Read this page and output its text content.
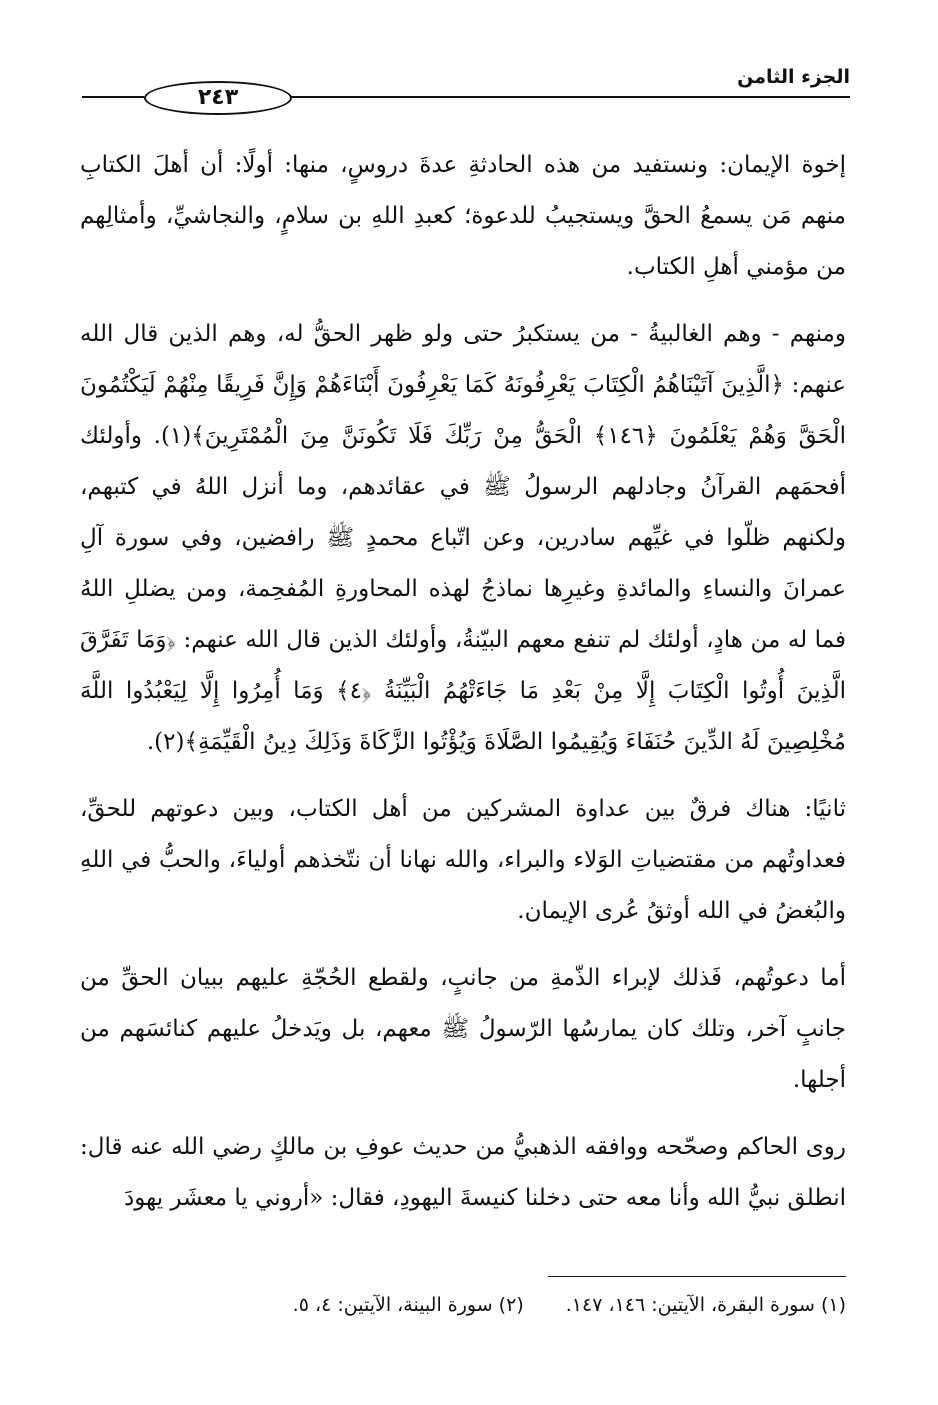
الجزء الثامن
٢٤٣

إخوة الإيمان: ونستفيد من هذه الحادثةِ عدةَ دروسٍ، منها: أولًا: أن أهلَ الكتابِ منهم مَن يسمعُ الحقَّ ويستجيبُ للدعوة؛ كعبدِ اللهِ بن سلامٍ، والنجاشيِّ، وأمثالِهم من مؤمني أهلِ الكتاب.

ومنهم - وهم الغالبيةُ - من يستكبرُ حتى ولو ظهر الحقُّ له، وهم الذين قال الله عنهم: ﴿الَّذِينَ آتَيْنَاهُمُ الْكِتَابَ يَعْرِفُونَهُ كَمَا يَعْرِفُونَ أَبْنَاءَهُمْ وَإِنَّ فَرِيقًا مِنْهُمْ لَيَكْتُمُونَ الْحَقَّ وَهُمْ يَعْلَمُونَ ﴿١٤٦﴾ الْحَقُّ مِنْ رَبِّكَ فَلَا تَكُونَنَّ مِنَ الْمُمْتَرِينَ﴾(١). وأولئك أفحمَهم القرآنُ وجادلهم الرسولُ ﷺ في عقائدهم، وما أنزل اللهُ في كتبهم، ولكنهم ظلّوا في غيِّهم سادرين، وعن اتّباع محمدٍ ﷺ رافضين، وفي سورة آلِ عمرانَ والنساءِ والمائدةِ وغيرِها نماذجُ لهذه المحاورةِ المُفحِمة، ومن يضللِ اللهُ فما له من هادٍ، أولئك لم تنفع معهم البيّنةُ، وأولئك الذين قال الله عنهم: ﴿وَمَا تَفَرَّقَ الَّذِينَ أُوتُوا الْكِتَابَ إِلَّا مِنْ بَعْدِ مَا جَاءَتْهُمُ الْبَيِّنَةُ ﴿٤﴾ وَمَا أُمِرُوا إِلَّا لِيَعْبُدُوا اللَّهَ مُخْلِصِينَ لَهُ الدِّينَ حُنَفَاءَ وَيُقِيمُوا الصَّلَاةَ وَيُؤْتُوا الزَّكَاةَ وَذَلِكَ دِينُ الْقَيِّمَةِ﴾(٢).

ثانيًا: هناك فرقٌ بين عداوة المشركين من أهل الكتاب، وبين دعوتهم للحقِّ، فعداوتُهم من مقتضياتِ الوَلاء والبراء، والله نهانا أن نتّخذهم أولياءَ، والحبُّ في اللهِ والبُغضُ في الله أوثقُ عُرى الإيمان.

أما دعوتُهم، فَذلك لإبراء الذّمةِ من جانبٍ، ولقطع الحُجّةِ عليهم ببيان الحقِّ من جانبٍ آخر، وتلك كان يمارسُها الرّسولُ ﷺ معهم، بل ويَدخلُ عليهم كنائسَهم من أجلها.

روى الحاكم وصحّحه ووافقه الذهبيُّ من حديث عوفِ بن مالكٍ رضي الله عنه قال: انطلق نبيُّ الله وأنا معه حتى دخلنا كنيسةَ اليهودِ، فقال: «أروني يا معشَر يهودَ

(١) سورة البقرة، الآيتين: ١٤٦، ١٤٧.(٢) سورة البينة، الآيتين: ٤، ٥.
